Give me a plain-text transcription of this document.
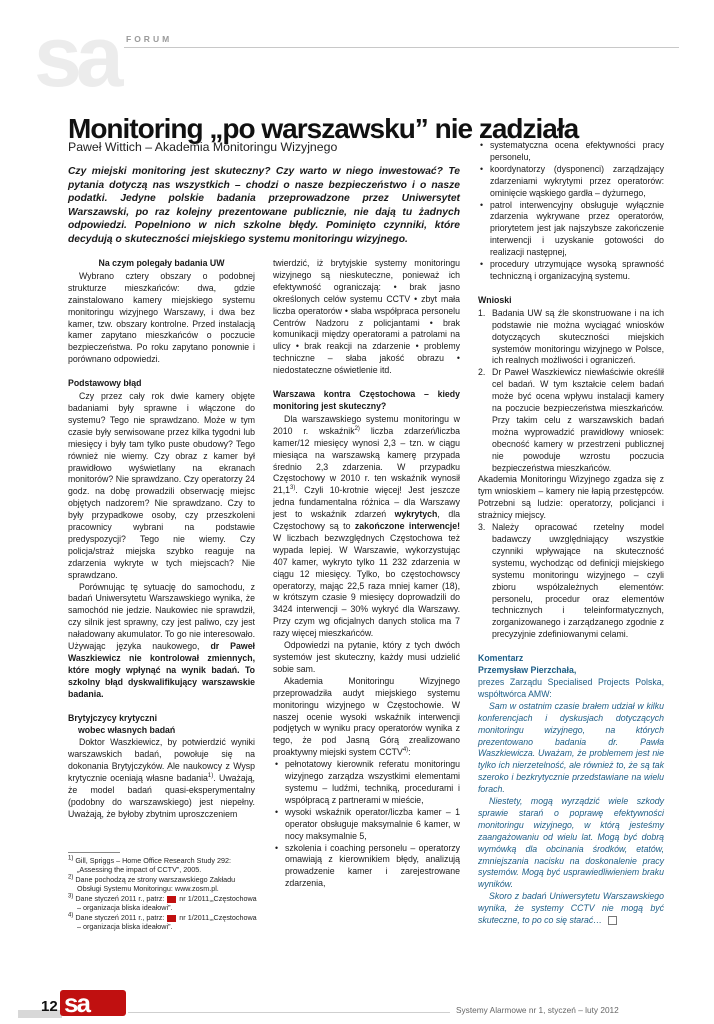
sa FORUM
Monitoring „po warszawsku” nie zadziała
Paweł Wittich – Akademia Monitoringu Wizyjnego

Czy miejski monitoring jest skuteczny? Czy warto w niego inwestować? Te pytania dotyczą nas wszystkich – chodzi o nasze bezpieczeństwo i o nasze podatki. Jedyne polskie badania przeprowadzone przez Uniwersytet Warszawski, po raz kolejny prezentowane publicznie, nie dają tu żadnych odpowiedzi. Popelniono w nich szkolne błędy. Pominięto czynniki, które decydują o skuteczności miejskiego systemu monitoringu wizyjnego.

Na czym polegały badania UW

Wybrano cztery obszary o podobnej strukturze mieszkańców: dwa, gdzie zainstalowano kamery miejskiego systemu monitoringu wizyjnego Warszawy, i dwa bez kamer, tzw. obszary kontrolne. Przed instalacją kamer zapytano mieszkańców o poczucie bezpieczeństwa. Po roku zapytano ponownie i porównano odpowiedzi.

Podstawowy błąd

Czy przez cały rok dwie kamery objęte badaniami były sprawne i włączone do systemu? Tego nie sprawdzano. Może w tym czasie były serwisowane przez kilka tygodni lub miesięcy i były tam tylko puste obudowy? Tego również nie wiemy. Czy obraz z kamer był prawidłowo wyświetlany na ekranach monitorów? Nie sprawdzano. Czy operatorzy 24 godz. na dobę prowadzili obserwację miejsc objętych nadzorem? Nie sprawdzano. Czy to były przypadkowe osoby, czy przeszkoleni pracownicy wybrani na podstawie predyspozycji? Tego nie wiemy. Czy policja/straż miejska szybko reaguje na zdarzenia wykryte w tych miejscach? Nie sprawdzano.

Porównując tę sytuację do samochodu, z badań Uniwersytetu Warszawskiego wynika, że samochód nie jedzie. Naukowiec nie sprawdził, czy silnik jest sprawny, czy jest paliwo, czy jest naładowany akumulator. To go nie interesowało. Używając języka naukowego, dr Paweł Waszkiewicz nie kontrolował zmiennych, które mogły wpłynąć na wynik badań. To szkolny błąd dyskwalifikujący warszawskie badania.

Brytyjczycy krytyczni
wobec własnych badań

Doktor Waszkiewicz, by potwierdzić wyniki warszawskich badań, powołuje się na dokonania Brytyjczyków. Ale naukowcy z Wysp krytycznie oceniają własne badania$^{1)}$. Uważają, że model badań quasi-eksperymentalny (podobny do warszawskiego) jest niepełny. Uważają, że byłoby zbytnim uproszczeniem

twierdzić, iż brytyjskie systemy monitoringu wizyjnego są nieskuteczne, ponieważ ich efektywność ograniczają: • brak jasno określonych celów systemu CCTV • zbyt mała liczba operatorów • słaba współpraca personelu Centrów Nadzoru z policjantami • brak komunikacji między operatorami a patrolami na ulicy • brak reakcji na zdarzenie • problemy techniczne – słaba jakość obrazu • niedostateczne oświetlenie itd.

Warszawa kontra Częstochowa – kiedy monitoring jest skuteczny?

Dla warszawskiego systemu monitoringu w 2010 r. wskaźnik$^{2)}$ liczba zdarzeń/liczba kamer/12 miesięcy wynosi 2,3 – tzn. w ciągu miesiąca na warszawską kamerę przypada średnio 2,3 zdarzenia. W przypadku Częstochowy w 2010 r. ten wskaźnik wynosił 21,1$^{3)}$. Czyli 10-krotnie więcej! Jest jeszcze jedna fundamentalna różnica – dla Warszawy jest to wskaźnik zdarzeń wykrytych, dla Częstochowy są to zakończone interwencje! W liczbach bezwzględnych Częstochowa też wypada lepiej. W Warszawie, wykorzystując 407 kamer, wykryto tylko 11 232 zdarzenia w ciągu 12 miesięcy. Tylko, bo częstochowscy operatorzy, mając 22,5 raza mniej kamer (18), w krótszym czasie 9 miesięcy doprowadzili do 3424 interwencji – 30% wykryć dla Warszawy. Przy czym wg oficjalnych danych stolica ma 7 razy więcej mieszkańców.

Odpowiedzi na pytanie, który z tych dwóch systemów jest skuteczny, każdy musi udzielić sobie sam.

Akademia Monitoringu Wizyjnego przeprowadziła audyt miejskiego systemu monitoringu wizyjnego w Częstochowie. W naszej ocenie wysoki wskaźnik interwencji podjętych w wyniku pracy operatorów wynika z tego, że pod Jasną Górą zrealizowano proaktywny miejski system CCTV$^{4)}$:

• pełnotatowy kierownik referatu monitoringu wizyjnego zarządza wszystkimi elementami systemu – ludźmi, techniką, procedurami i współpracą z partnerami w mieście,
• wysoki wskaźnik operator/liczba kamer – 1 operator obsługuje maksymalnie 6 kamer, w nocy maksymalnie 5,
• szkolenia i coaching personelu – operatorzy omawiają z kierownikiem błędy, analizują prowadzenie kamer i zarejestrowane zdarzenia,
• systematyczna ocena efektywności pracy personelu,
• koordynatorzy (dysponenci) zarządzający zdarzeniami wykrytymi przez operatorów: ominięcie wąskiego gardła – dyżurnego,
• patrol interwencyjny obsługuje wyłącznie zdarzenia wykrywane przez operatorów, priorytetem jest jak najszybsze zakończenie interwencji i uzyskanie gotowości do realizacji następnej,
• procedury utrzymujące wysoką sprawność techniczną i organizacyjną systemu.
Wnioski
1. Badania UW są źle skonstruowane i na ich podstawie nie można wyciągać wniosków dotyczących skuteczności miejskich systemów monitoringu wizyjnego w Polsce, ich realnych możliwości i ograniczeń.
2. Dr Paweł Waszkiewicz niewłaściwie określił cel badań. W tym kształcie celem badań może być ocena wpływu instalacji kamery na poczucie bezpieczeństwa mieszkańców. Przy takim celu z warszawskich badań można wyprowadzić prawidłowy wniosek: obecność kamery w przestrzeni publicznej nie powoduje wzrostu poczucia bezpieczeństwa mieszkańców.

Akademia Monitoringu Wizyjnego zgadza się z tym wnioskiem – kamery nie łapią przestępców. Potrzebni są ludzie: operatorzy, policjanci i strażnicy miejscy.

3. Należy opracować rzetelny model badawczy uwzględniający wszystkie czynniki wpływające na skuteczność systemu, wychodząc od definicji miejskiego systemu monitoringu wizyjnego – czyli zbioru współzależnych elementów: personelu, procedur oraz elementów technicznych i teleinformatycznych, zorganizowanego i zarządzanego zgodnie z precyzyjnie zdefiniowanymi celami.
Komentarz
Przemysław Pierzchała,
prezes Zarządu Specialised Projects Polska, współtwórca AMW:

Sam w ostatnim czasie brałem udział w kilku konferencjach i dyskusjach dotyczących monitoringu wizyjnego, na których prezentowano badania dr. Pawła Waszkiewicza. Uważam, że problemem jest nie tylko ich nierzetelność, ale również to, że są tak szeroko i bezkrytycznie przedstawiane na wielu forach.

Niestety, mogą wyrządzić wiele szkody sprawie starań o poprawę efektywności monitoringu wizyjnego, w którą jesteśmy zaangażowaniu od wielu lat. Mogą być dobrą wymówką dla obcinania środków, etatów, zmniejszania nacisku na doskonalenie pracy systemów. Mogą być usprawiedliwieniem braku wyników.

Skoro z badań Uniwersytetu Warszawskiego wynika, że systemy CCTV nie mogą być skuteczne, to po co się starać…

$^{1)}$ Gill, Spriggs – Home Office Research Study 292: „Assessing the impact of CCTV”, 2005.
$^{2)}$ Dane pochodzą ze strony warszawskiego Zakładu Obsługi Systemu Monitoringu: www.zosm.pl.
$^{3)}$ Dane styczeń 2011 r., patrz:  nr 1/2011,„Częstochowa – organizacja bliska ideałowi”.
$^{4)}$ Dane styczeń 2011 r., patrz:  nr 1/2011,„Częstochowa – organizacja bliska ideałowi”.
12 sa	Systemy Alarmowe nr 1, styczeń – luty 2012
